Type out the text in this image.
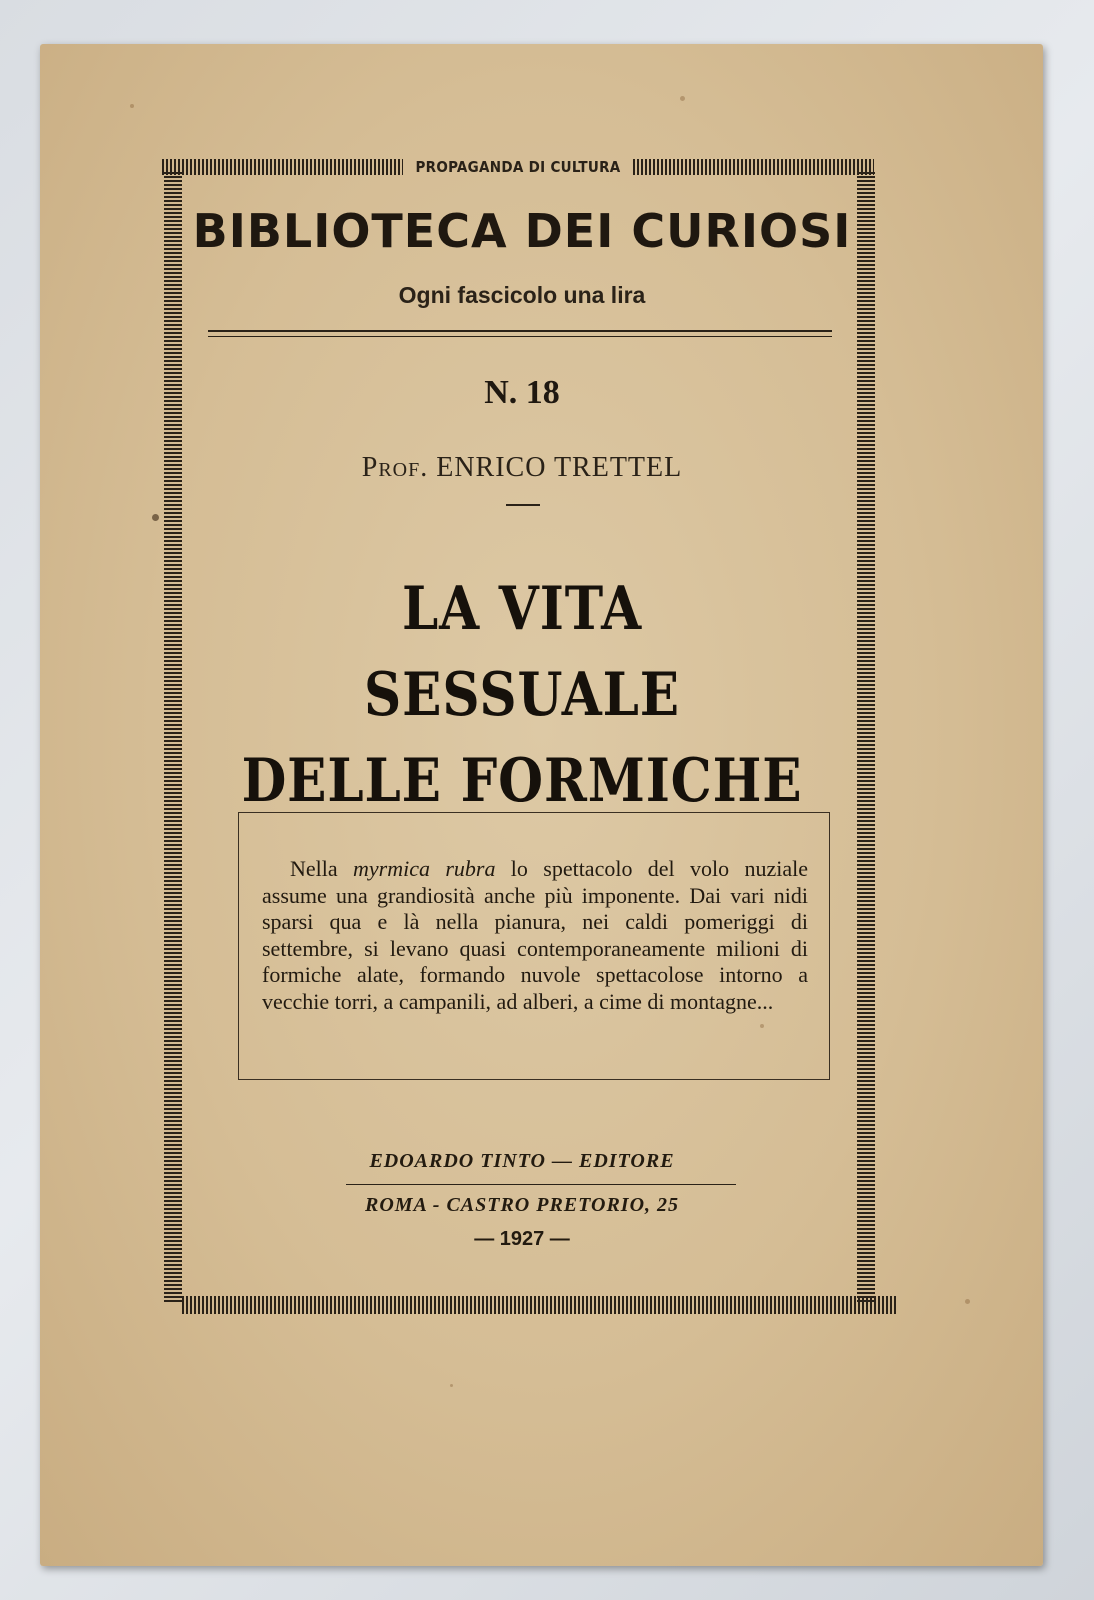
PROPAGANDA DI CULTURA
BIBLIOTECA DEI CURIOSI
Ogni fascicolo una lira
N. 18
Prof. ENRICO TRETTEL
LA VITA SESSUALE
DELLE FORMICHE

Nella myrmica rubra lo spettacolo del volo nuziale assume una grandiosità anche più imponente. Dai vari nidi sparsi qua e là nella pianura, nei caldi pomeriggi di settembre, si levano quasi contemporaneamente milioni di formiche alate, formando nuvole spettacolose intorno a vecchie torri, a campanili, ad alberi, a cime di montagne...

EDOARDO TINTO — EDITORE
ROMA - CASTRO PRETORIO, 25
— 1927 —
